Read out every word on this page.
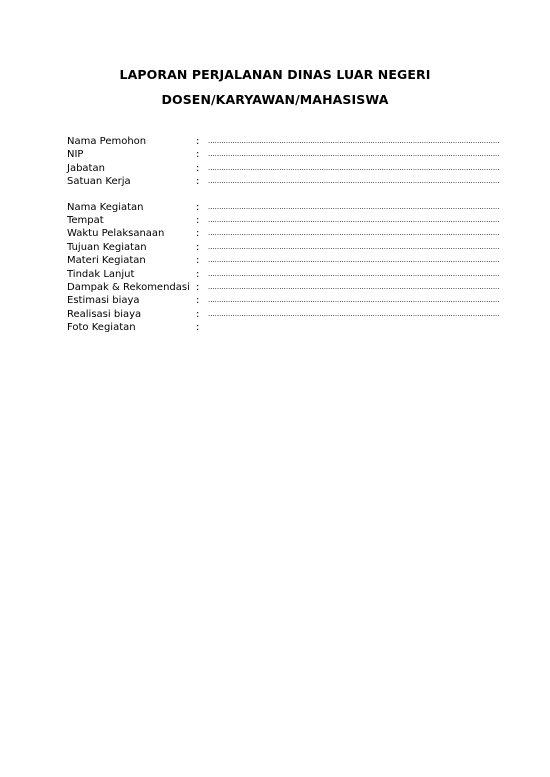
LAPORAN PERJALANAN DINAS LUAR NEGERI
DOSEN/KARYAWAN/MAHASISWA
Nama Pemohon	: ...................................................................................................................................
NIP	: ...................................................................................................................................
Jabatan	: ...................................................................................................................................
Satuan Kerja	: ...................................................................................................................................
Nama Kegiatan	: ...................................................................................................................................
Tempat	: ...................................................................................................................................
Waktu Pelaksanaan	: ...................................................................................................................................
Tujuan Kegiatan	: ...................................................................................................................................
Materi Kegiatan	: ...................................................................................................................................
Tindak Lanjut	: ...................................................................................................................................
Dampak & Rekomendasi : ...................................................................................................................................
Estimasi biaya	: ...................................................................................................................................
Realisasi biaya	: ...................................................................................................................................
Foto Kegiatan	:
